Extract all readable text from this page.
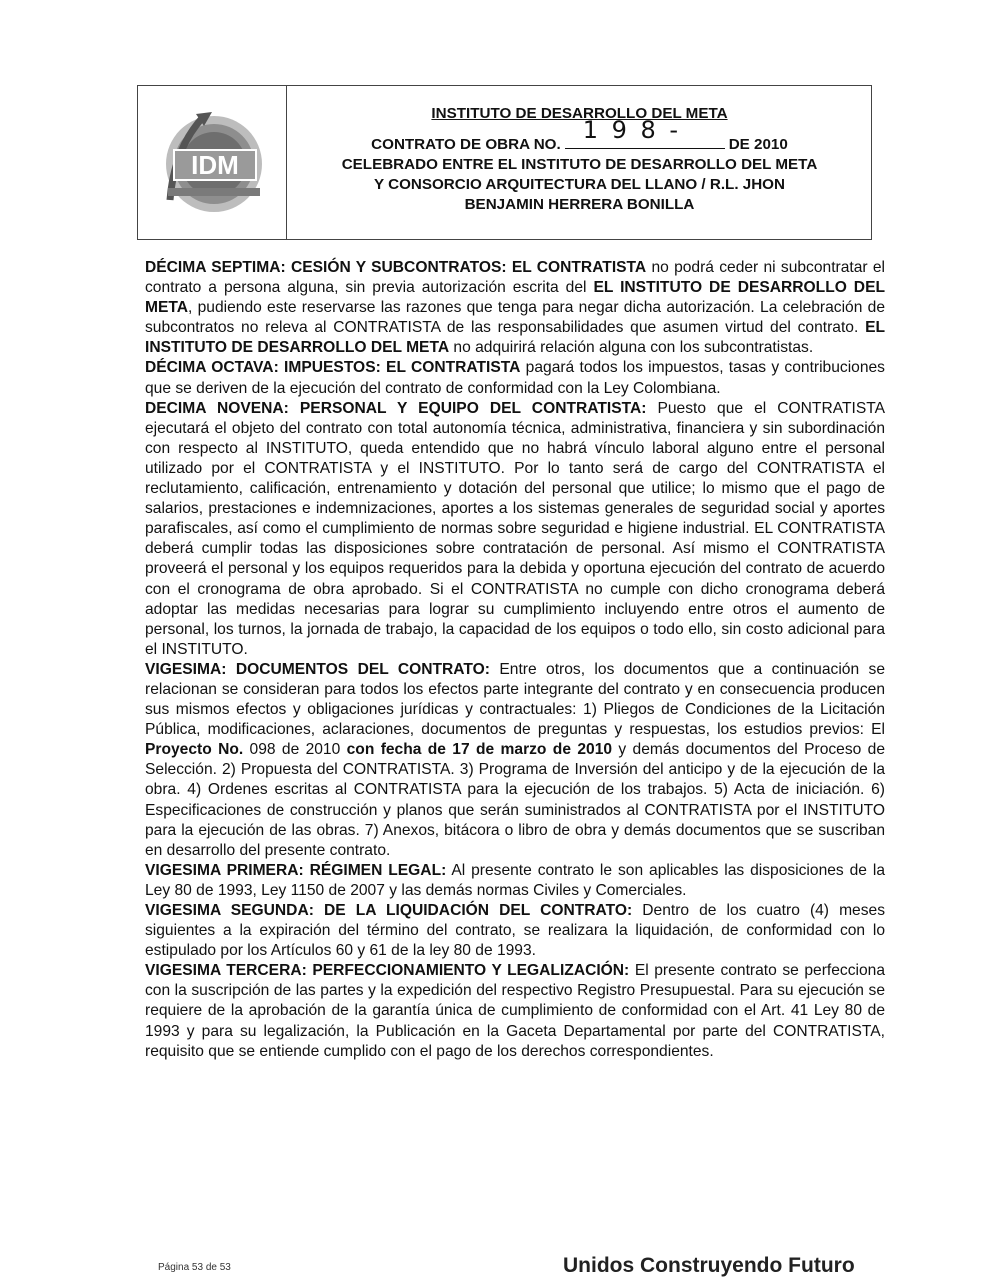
IDM
INSTITUTO DE DESARROLLO DEL META
CONTRATO DE OBRA NO.
1 9 8 -
DE 2010
CELEBRADO ENTRE EL INSTITUTO DE DESARROLLO DEL META
Y CONSORCIO ARQUITECTURA DEL LLANO / R.L. JHON
BENJAMIN HERRERA BONILLA

DÉCIMA SEPTIMA: CESIÓN Y SUBCONTRATOS: EL CONTRATISTA no podrá ceder ni subcontratar el contrato a persona alguna, sin previa autorización escrita del EL INSTITUTO DE DESARROLLO DEL META, pudiendo este reservarse las razones que tenga para negar dicha autorización. La celebración de subcontratos no releva al CONTRATISTA de las responsabilidades que asumen virtud del contrato. EL INSTITUTO DE DESARROLLO DEL META no adquirirá relación alguna con los subcontratistas.

DÉCIMA OCTAVA: IMPUESTOS: EL CONTRATISTA pagará todos los impuestos, tasas y contribuciones que se deriven de la ejecución del contrato de conformidad con la Ley Colombiana.

DECIMA NOVENA: PERSONAL Y EQUIPO DEL CONTRATISTA: Puesto que el CONTRATISTA ejecutará el objeto del contrato con total autonomía técnica, administrativa, financiera y sin subordinación con respecto al INSTITUTO, queda entendido que no habrá vínculo laboral alguno entre el personal utilizado por el CONTRATISTA y el INSTITUTO. Por lo tanto será de cargo del CONTRATISTA el reclutamiento, calificación, entrenamiento y dotación del personal que utilice; lo mismo que el pago de salarios, prestaciones e indemnizaciones, aportes a los sistemas generales de seguridad social y aportes parafiscales, así como el cumplimiento de normas sobre seguridad e higiene industrial. EL CONTRATISTA deberá cumplir todas las disposiciones sobre contratación de personal. Así mismo el CONTRATISTA proveerá el personal y los equipos requeridos para la debida y oportuna ejecución del contrato de acuerdo con el cronograma de obra aprobado. Si el CONTRATISTA no cumple con dicho cronograma deberá adoptar las medidas necesarias para lograr su cumplimiento incluyendo entre otros el aumento de personal, los turnos, la jornada de trabajo, la capacidad de los equipos o todo ello, sin costo adicional para el INSTITUTO.

VIGESIMA: DOCUMENTOS DEL CONTRATO: Entre otros, los documentos que a continuación se relacionan se consideran para todos los efectos parte integrante del contrato y en consecuencia producen sus mismos efectos y obligaciones jurídicas y contractuales: 1) Pliegos de Condiciones de la Licitación Pública, modificaciones, aclaraciones, documentos de preguntas y respuestas, los estudios previos: El Proyecto No. 098 de 2010 con fecha de 17 de marzo de 2010 y demás documentos del Proceso de Selección. 2) Propuesta del CONTRATISTA. 3) Programa de Inversión del anticipo y de la ejecución de la obra. 4) Ordenes escritas al CONTRATISTA para la ejecución de los trabajos. 5) Acta de iniciación. 6) Especificaciones de construcción y planos que serán suministrados al CONTRATISTA por el INSTITUTO para la ejecución de las obras. 7) Anexos, bitácora o libro de obra y demás documentos que se suscriban en desarrollo del presente contrato.

VIGESIMA PRIMERA: RÉGIMEN LEGAL: Al presente contrato le son aplicables las disposiciones de la Ley 80 de 1993, Ley 1150 de 2007 y las demás normas Civiles y Comerciales.

VIGESIMA SEGUNDA: DE LA LIQUIDACIÓN DEL CONTRATO: Dentro de los cuatro (4) meses siguientes a la expiración del término del contrato, se realizara la liquidación, de conformidad con lo estipulado por los Artículos 60 y 61 de la ley 80 de 1993.

VIGESIMA TERCERA: PERFECCIONAMIENTO Y LEGALIZACIÓN: El presente contrato se perfecciona con la suscripción de las partes y la expedición del respectivo Registro Presupuestal. Para su ejecución se requiere de la aprobación de la garantía única de cumplimiento de conformidad con el Art. 41 Ley 80 de 1993 y para su legalización, la Publicación en la Gaceta Departamental por parte del CONTRATISTA, requisito que se entiende cumplido con el pago de los derechos correspondientes.

Página 53 de 53	Unidos Construyendo Futuro
